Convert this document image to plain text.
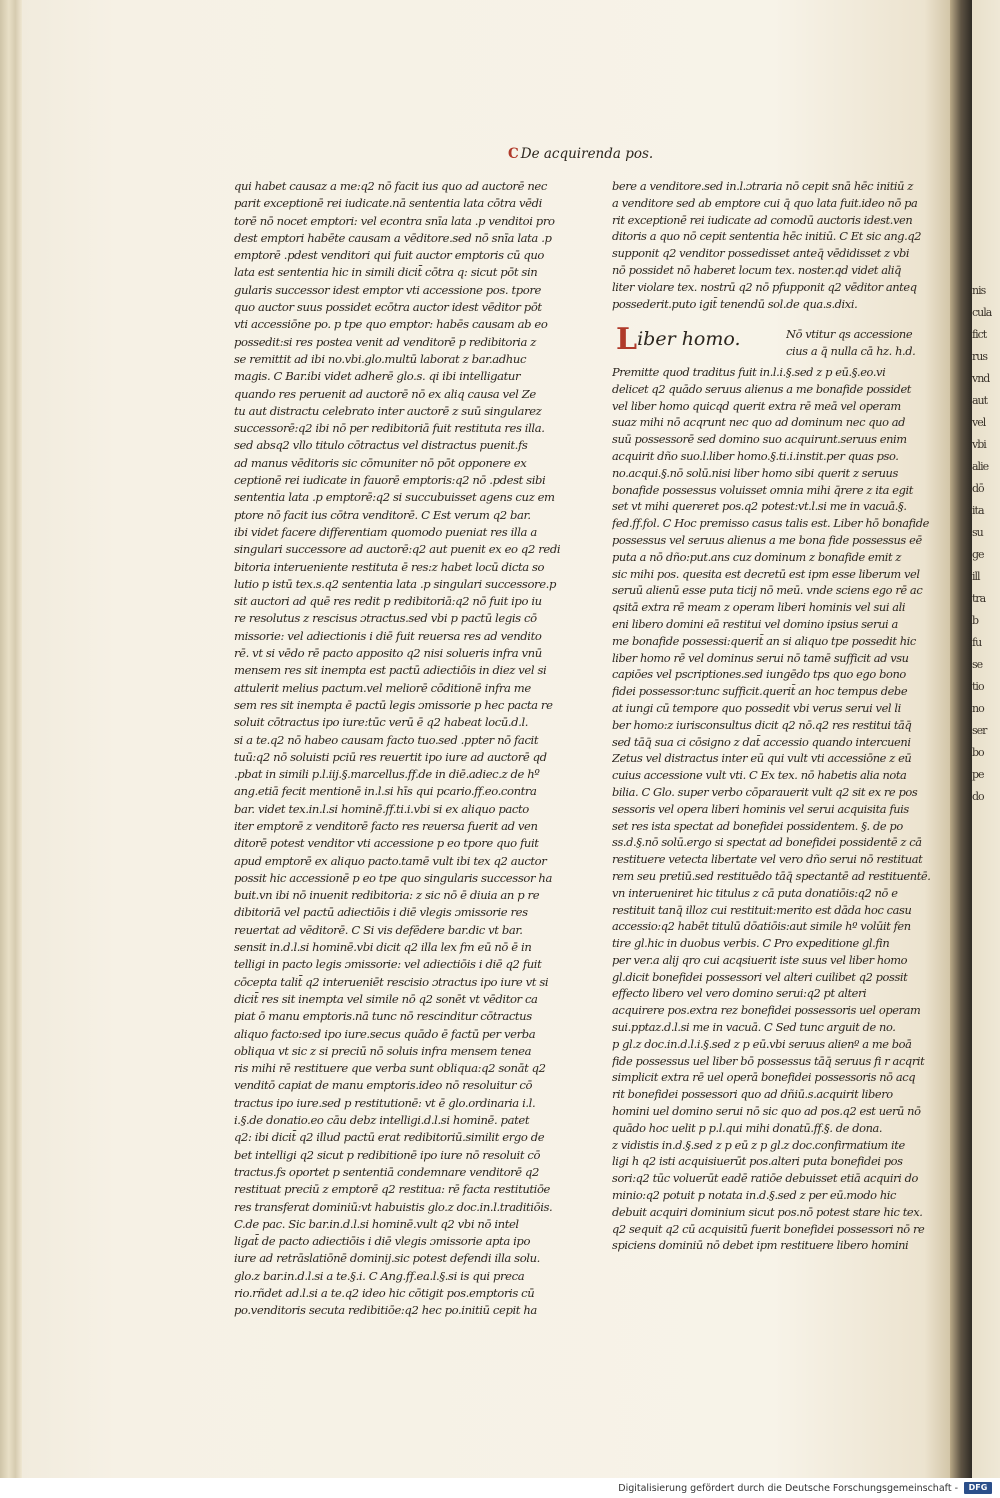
nis
cula
fict
rus
vnd
aut
vel
vbi
alie
dō
ita
su
ge
ill
tra
b
fu
se
tio
no
ser
bo
pe
do
C De acquirenda pos.
qui habet causaz a me:q2 nō facit ius quo ad auctorē nec
parit exceptionē rei iudicate.nā sententia lata cōtra vēdi
torē nō nocet emptori: vel econtra snīa lata .p venditoi pro
dest emptori habēte causam a vēditore.sed nō snīa lata .p
emptorē .pdest venditori qui fuit auctor emptoris cū quo
lata est sententia hic in simili dicit̄ cōtra q: sicut pōt sin
gularis successor idest emptor vti accessione pos. tpore
quo auctor suus possidet ecōtra auctor idest vēditor pōt
vti accessiōne po. p tpe quo emptor: habēs causam ab eo
possedit:si res postea venit ad venditorē p redibitoria z
se remittit ad ibi no.vbi.glo.multū laborat z bar.adhuc
magis. C Bar.ibi videt adherē glo.s. qi ibi intelligatur
quando res peruenit ad auctorē nō ex aliq causa vel Ze
tu aut distractu celebrato inter auctorē z suū singularez
successorē:q2 ibi nō per redibitoriā fuit restituta res illa.
sed absq2 vllo titulo cōtractus vel distractus puenit.fs
ad manus vēditoris sic cōmuniter nō pōt opponere ex
ceptionē rei iudicate in fauorē emptoris:q2 nō .pdest sibi
sententia lata .p emptorē:q2 si succubuisset agens cuz em
ptore nō facit ius cōtra venditorē. C Est verum q2 bar.
ibi videt facere differentiam quomodo pueniat res illa a
singulari successore ad auctorē:q2 aut puenit ex eo q2 redi
bitoria interueniente restituta ē res:z habet locū dicta so
lutio p istū tex.s.q2 sententia lata .p singulari successore.p
sit auctori ad quē res redit p redibitoriā:q2 nō fuit ipo iu
re resolutus z rescisus ɔtractus.sed vbi p pactū legis cō
missorie: vel adiectionis i diē fuit reuersa res ad vendito
rē. vt si vēdo rē pacto apposito q2 nisi solueris infra vnū
mensem res sit inempta est pactū adiectiōis in diez vel si
attulerit melius pactum.vel meliorē cōditionē infra me
sem res sit inempta ē pactū legis ɔmissorie p hec pacta re
soluit cōtractus ipo iure:tūc verū ē q2 habeat locū.d.l.
si a te.q2 nō habeo causam facto tuo.sed .ppter nō facit
tuū:q2 nō soluisti pciū res reuertit ipo iure ad auctorē qd
.pbat in simili p.l.iij.§.marcellus.ff.de in diē.adiec.z de hº
ang.etiā fecit mentionē in.l.si hīs qui pcario.ff.eo.contra
bar. videt tex.in.l.si hominē.ff.ti.i.vbi si ex aliquo pacto
iter emptorē z venditorē facto res reuersa fuerit ad ven
ditorē potest venditor vti accessione p eo tpore quo fuit
apud emptorē ex aliquo pacto.tamē vult ibi tex q2 auctor
possit hic accessionē p eo tpe quo singularis successor ha
buit.vn ibi nō inuenit redibitoria: z sic nō ē diuia an p re
dibitoriā vel pactū adiectiōis i diē vlegis ɔmissorie res
reuertat ad vēditorē. C Si vis defēdere bar.dic vt bar.
sensit in.d.l.si hominē.vbi dicit q2 illa lex fm eū nō ē in
telligi in pacto legis ɔmissorie: vel adiectiōis i diē q2 fuit
cōcepta talit̄ q2 interueniēt rescisio ɔtractus ipo iure vt si
dicit̄ res sit inempta vel simile nō q2 sonēt vt vēditor ca
piat ō manu emptoris.nā tunc nō rescinditur cōtractus
aliquo facto:sed ipo iure.secus quādo ē factū per verba
obliqua vt sic z si preciū nō soluis infra mensem tenea
ris mihi rē restituere que verba sunt obliqua:q2 sonāt q2
venditō capiat de manu emptoris.ideo nō resoluitur cō
tractus ipo iure.sed p restitutionē: vt ē glo.ordinaria i.l.
i.§.de donatio.eo cāu debz intelligi.d.l.si hominē. patet
q2: ibi dicit̄ q2 illud pactū erat redibitoriū.similit ergo de
bet intelligi q2 sicut p redibitionē ipo iure nō resoluit cō
tractus.fs oportet p sententiā condemnare venditorē q2
restituat preciū z emptorē q2 restitua: rē facta restitutiōe
res transferat dominiū:vt habuistis glo.z doc.in.l.traditiōis.
C.de pac. Sic bar.in.d.l.si hominē.vult q2 vbi nō intel
ligat̄ de pacto adiectiōis i diē vlegis ɔmissorie apta ipo
iure ad retrāslatiōnē dominij.sic potest defendi illa solu.
glo.z bar.in.d.l.si a te.§.i. C Ang.ff.ea.l.§.si is qui preca
rio.rñdet ad.l.si a te.q2 ideo hic cōtigit pos.emptoris cū
po.venditoris secuta redibitiōe:q2 hec po.initiū cepit ha
bere a venditore.sed in.l.ɔtraria nō cepit snā hēc initiū z
a venditore sed ab emptore cui q̄ quo lata fuit.ideo nō pa
rit exceptionē rei iudicate ad comodū auctoris idest.ven
ditoris a quo nō cepit sententia hēc initiū. C Et sic ang.q2
supponit q2 venditor possedisset anteq̄ vēdidisset z vbi
nō possidet nō haberet locum tex. noster.qd videt aliq̄
liter violare tex. nostrū q2 nō pfupponit q2 vēditor anteq
possederit.puto igit̄ tenendū sol.de qua.s.dixi.
Liber homo.	Nō vtitur qs accessione
cius a q̄ nulla cā hz. h.d.
Premitte quod traditus fuit in.l.i.§.sed z p eū.§.eo.vi
delicet q2 quādo seruus alienus a me bonafide possidet
vel liber homo quicqd querit extra rē meā vel operam
suaz mihi nō acqrunt nec quo ad dominum nec quo ad
suū possessorē sed domino suo acquirunt.seruus enim
acquirit dño suo.l.liber homo.§.ti.i.instit.per quas pso.
no.acqui.§.nō solū.nisi liber homo sibi querit z seruus
bonafide possessus voluisset omnia mihi q̄rere z ita egit
set vt mihi quereret pos.q2 potest:vt.l.si me in vacuā.§.
fed.ff.fol. C Hoc premisso casus talis est. Liber hō bonafide
possessus vel seruus alienus a me bona fide possessus eē
puta a nō dño:put.ans cuz dominum z bonafide emit z
sic mihi pos. quesita est decretū est ipm esse liberum vel
seruū alienū esse puta ticij nō meū. vnde sciens ego rē ac
qsitā extra rē meam z operam liberi hominis vel sui ali
eni libero domini eā restitui vel domino ipsius serui a
me bonafide possessi:querit̄ an si aliquo tpe possedit hic
liber homo rē vel dominus serui nō tamē sufficit ad vsu
capiōes vel pscriptiones.sed iungēdo tps quo ego bono
fidei possessor:tunc sufficit.querit̄ an hoc tempus debe
at iungi cū tempore quo possedit vbi verus serui vel li
ber homo:z iurisconsultus dicit q2 nō.q2 res restitui tāq̄
sed tāq̄ sua ci cōsigno z dat̄ accessio quando intercueni
Zetus vel distractus inter eū qui vult vti accessiōne z eū
cuius accessione vult vti. C Ex tex. nō habetis alia nota
bilia. C Glo. super verbo cōparauerit vult q2 sit ex re pos
sessoris vel opera liberi hominis vel serui acquisita fuis
set res ista spectat ad bonefidei possidentem. §. de po
ss.d.§.nō solū.ergo si spectat ad bonefidei possidentē z cā
restituere vetecta libertate vel vero dño serui nō restituat
rem seu pretiū.sed restituēdo tāq̄ spectantē ad restituentē.
vn interueniret hic titulus z cā puta donatiōis:q2 nō e
restituit tanq̄ illoz cui restituit:merito est dāda hoc casu
accessio:q2 habēt titulū dōatiōis:aut simile hº volūit fen
tire gl.hic in duobus verbis. C Pro expeditione gl.fin
per ver.a alij qro cui acqsiuerit iste suus vel liber homo
gl.dicit bonefidei possessori vel alteri cuilibet q2 possit
effecto libero vel vero domino serui:q2 pt alteri
acquirere pos.extra rez bonefidei possessoris uel operam
sui.pptaz.d.l.si me in vacuā. C Sed tunc arguit de no.
p gl.z doc.in.d.l.i.§.sed z p eū.vbi seruus alienº a me boā
fide possessus uel liber bō possessus tāq̄ seruus fi r acqrit
simplicit extra rē uel operā bonefidei possessoris nō acq
rit bonefidei possessori quo ad dñiū.s.acquirit libero
homini uel domino serui nō sic quo ad pos.q2 est uerū nō
quādo hoc uelit p p.l.qui mihi donatū.ff.§. de dona.
z vidistis in.d.§.sed z p eū z p gl.z doc.confirmatium ite
ligi h q2 isti acquisiuerūt pos.alteri puta bonefidei pos
sori:q2 tūc voluerūt eadē ratiōe debuisset etiā acquiri do
minio:q2 potuit p notata in.d.§.sed z per eū.modo hic
debuit acquiri dominium sicut pos.nō potest stare hic tex.
q2 sequit q2 cū acquisitū fuerit bonefidei possessori nō re
spiciens dominiū nō debet ipm restituere libero homini
Digitalisierung gefördert durch die Deutsche Forschungsgemeinschaft -	DFG
